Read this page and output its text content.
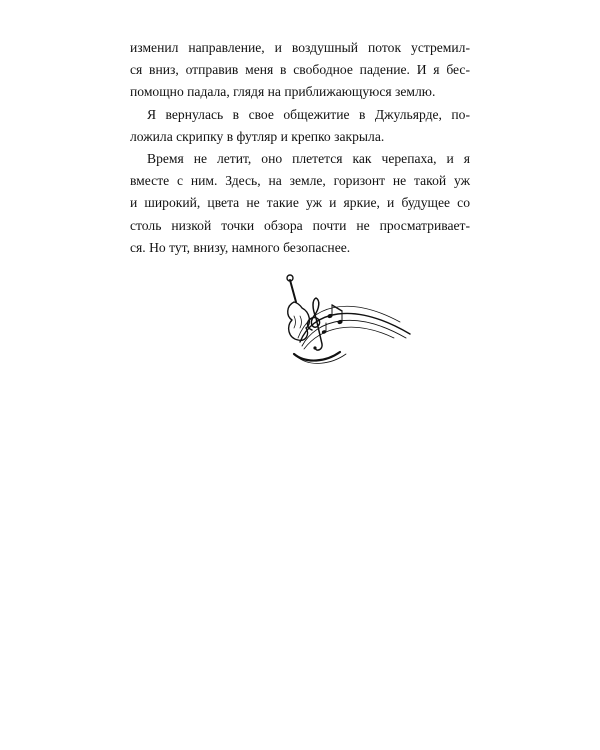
изменил направление, и воздушный поток устремил-
ся вниз, отправив меня в свободное падение. И я бес-
помощно падала, глядя на приближающуюся землю.
Я вернулась в свое общежитие в Джульярде, по-
ложила скрипку в футляр и крепко закрыла.
Время не летит, оно плетется как черепаха, и я
вместе с ним. Здесь, на земле, горизонт не такой уж
и широкий, цвета не такие уж и яркие, и будущее со
столь низкой точки обзора почти не просматривает-
ся. Но тут, внизу, намного безопаснее.
